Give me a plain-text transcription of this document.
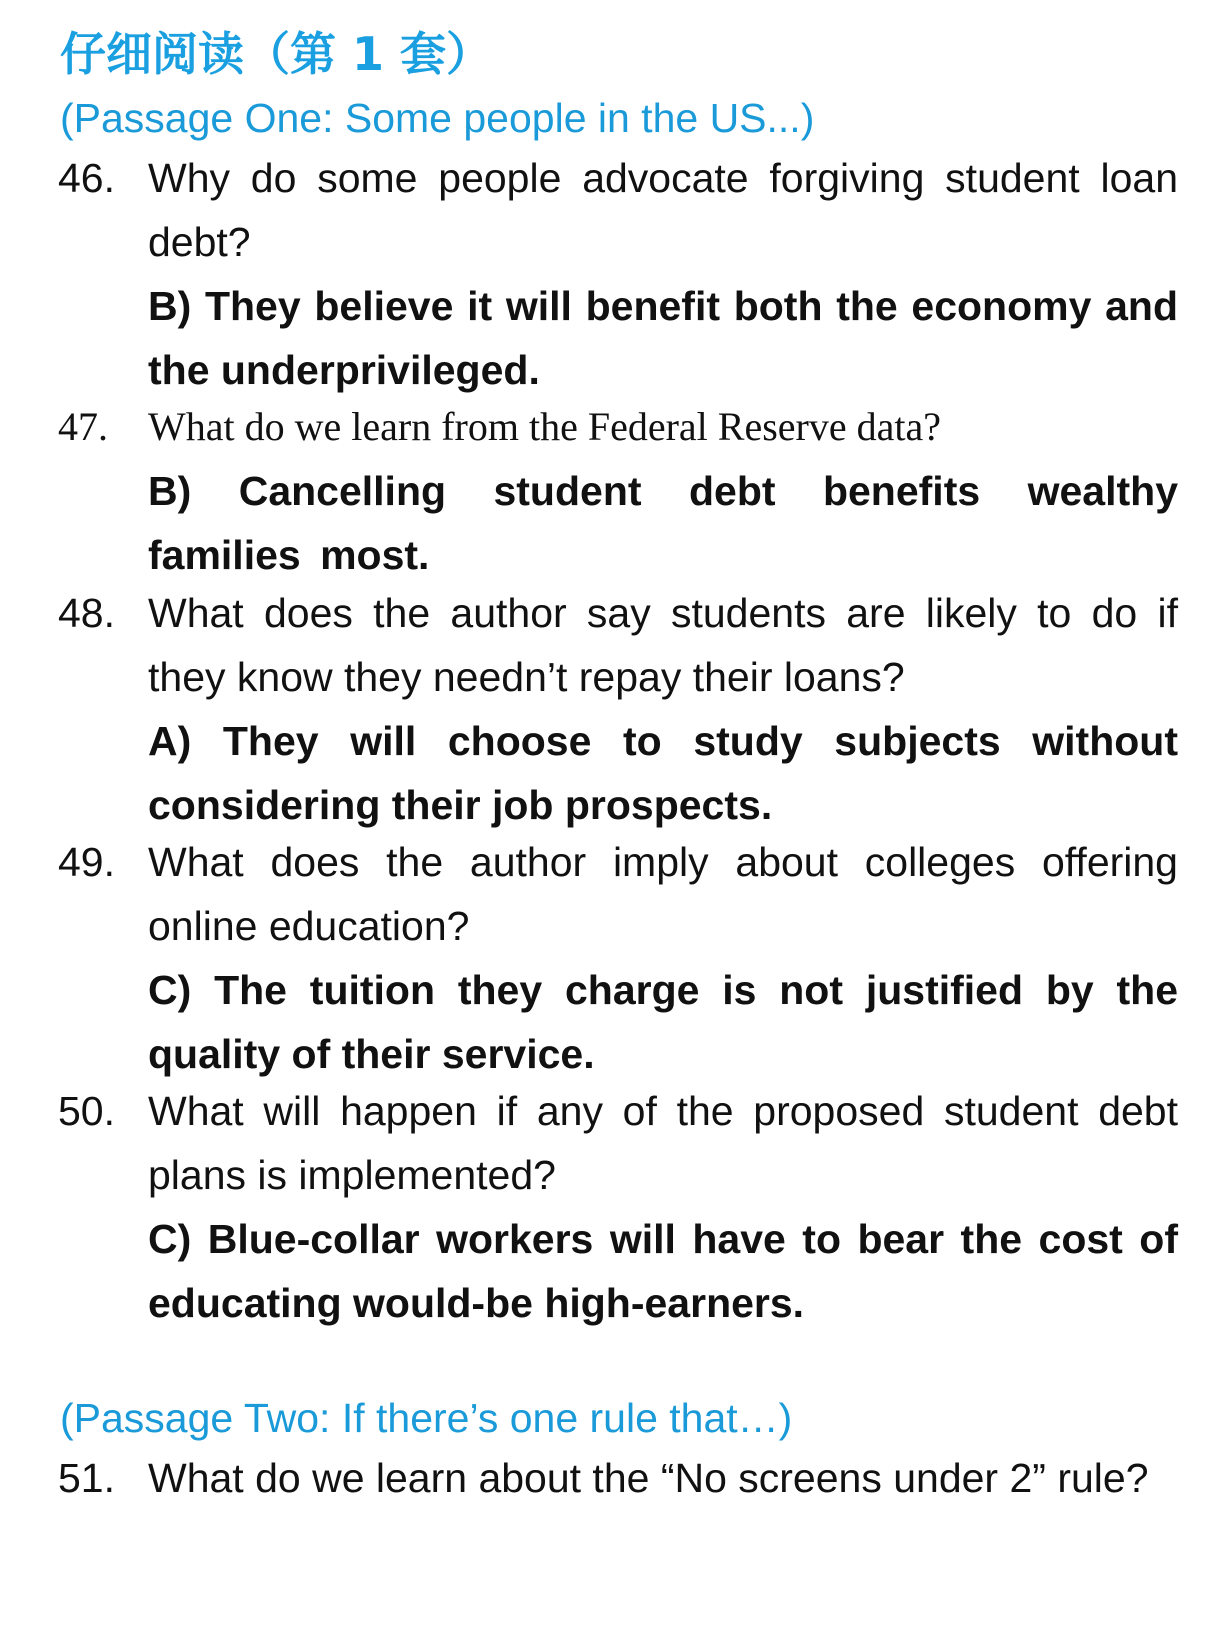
仔细阅读（第 1 套）
(Passage One: Some people in the US...)
46. Why do some people advocate forgiving student loan debt?
B) They believe it will benefit both the economy and the underprivileged.
47. What do we learn from the Federal Reserve data?
B) Cancelling student debt benefits wealthy families most.
48. What does the author say students are likely to do if they know they needn’t repay their loans?
A) They will choose to study subjects without considering their job prospects.
49. What does the author imply about colleges offering online education?
C) The tuition they charge is not justified by the quality of their service.
50. What will happen if any of the proposed student debt plans is implemented?
C) Blue-collar workers will have to bear the cost of educating would-be high-earners.
(Passage Two: If there’s one rule that…)
51. What do we learn about the “No screens under 2” rule?
